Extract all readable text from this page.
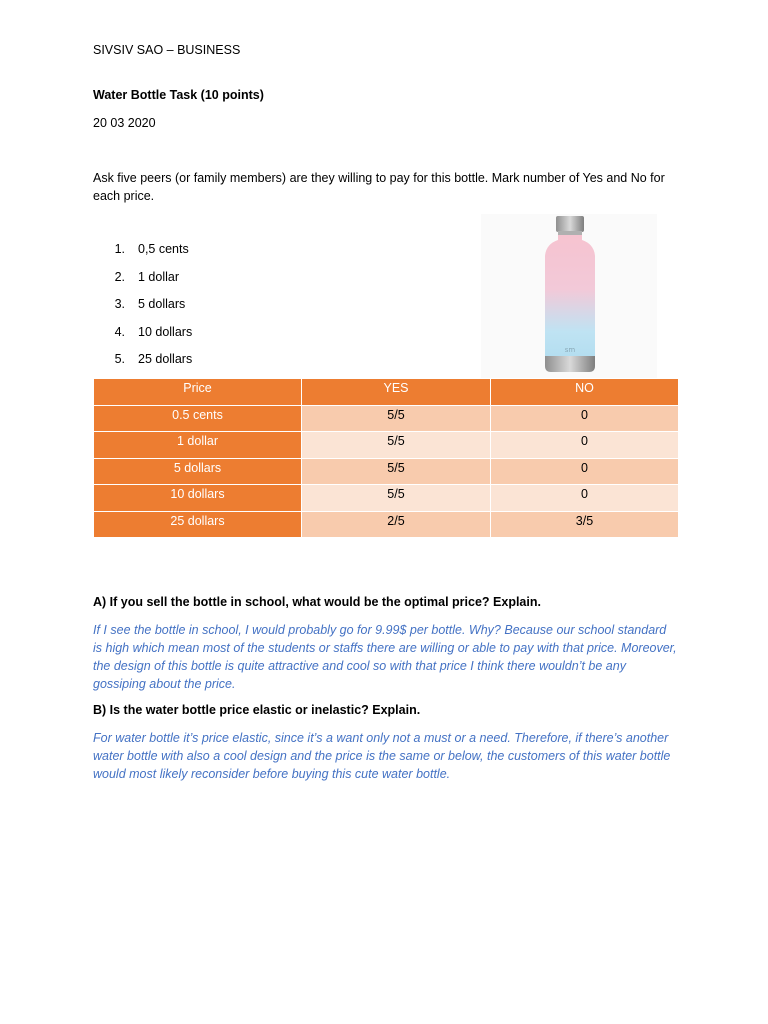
SIVSIV SAO – BUSINESS
Water Bottle Task (10 points)
20 03 2020
Ask five peers (or family members) are they willing to pay for this bottle. Mark number of Yes and No for each price.
1.	0,5 cents
2.	1 dollar
3.	5 dollars
4.	10 dollars
5.	25 dollars
sm
Price	YES	NO
0.5 cents	5/5	0
1 dollar	5/5	0
5 dollars	5/5	0
10 dollars	5/5	0
25 dollars	2/5	3/5
A) If you sell the bottle in school, what would be the optimal price? Explain.
If I see the bottle in school, I would probably go for 9.99$ per bottle. Why? Because our school standard is high which mean most of the students or staffs there are willing or able to pay with that price. Moreover, the design of this bottle is quite attractive and cool so with that price I think there wouldn’t be any gossiping about the price.
B) Is the water bottle price elastic or inelastic? Explain.
For water bottle it’s price elastic, since it’s a want only not a must or a need. Therefore, if there’s another water bottle with also a cool design and the price is the same or below, the customers of this water bottle would most likely reconsider before buying this cute water bottle.
